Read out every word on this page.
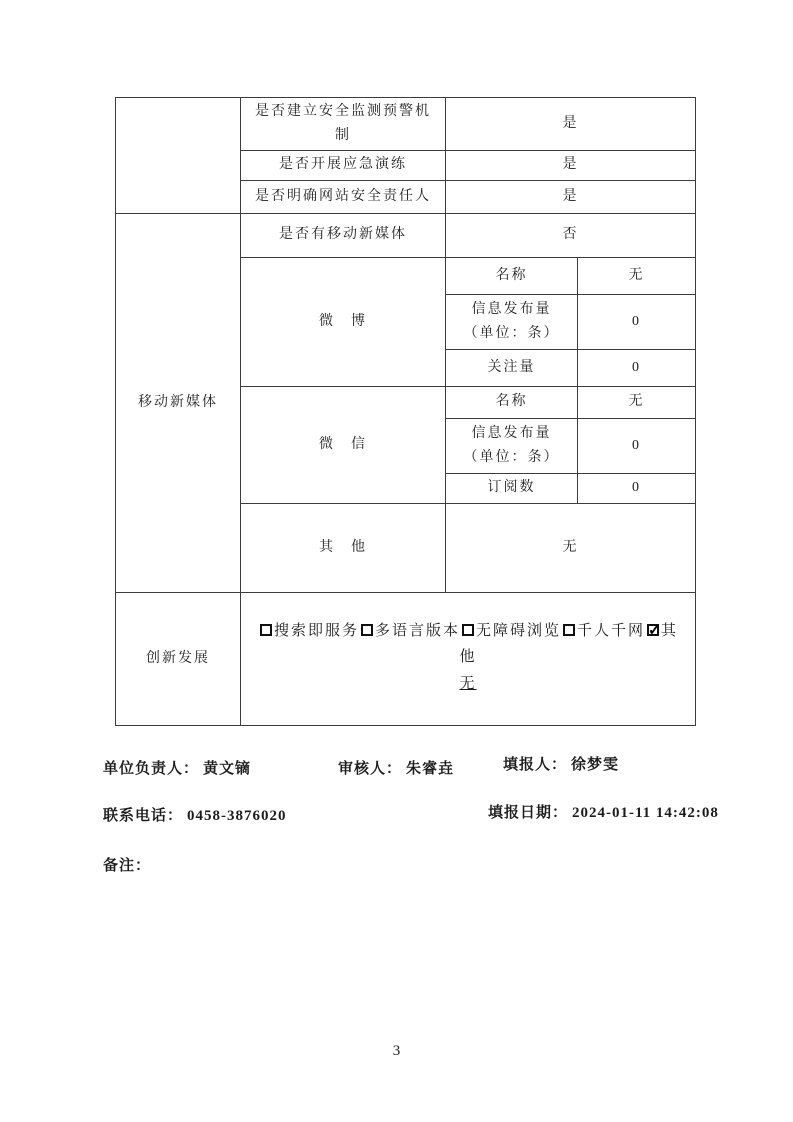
	是否建立安全监测预警机制	是	
	是否开展应急演练	是	
	是否明确网站安全责任人	是	
移动新媒体	是否有移动新媒体	否	
	微　博	名称	无
		信息发布量（单位：条）	0
		关注量	0
	微　信	名称	无
		信息发布量（单位：条）	0
		订阅数	0
	其　他	无	
创新发展	搜索即服务 多语言版本 无障碍浏览 千人千网 ✓ 其他
无
单位负责人： 黄文镝	审核人： 朱睿垚	填报人： 徐梦雯
联系电话： 0458-3876020	填报日期： 2024-01-11 14:42:08
备注：
3
